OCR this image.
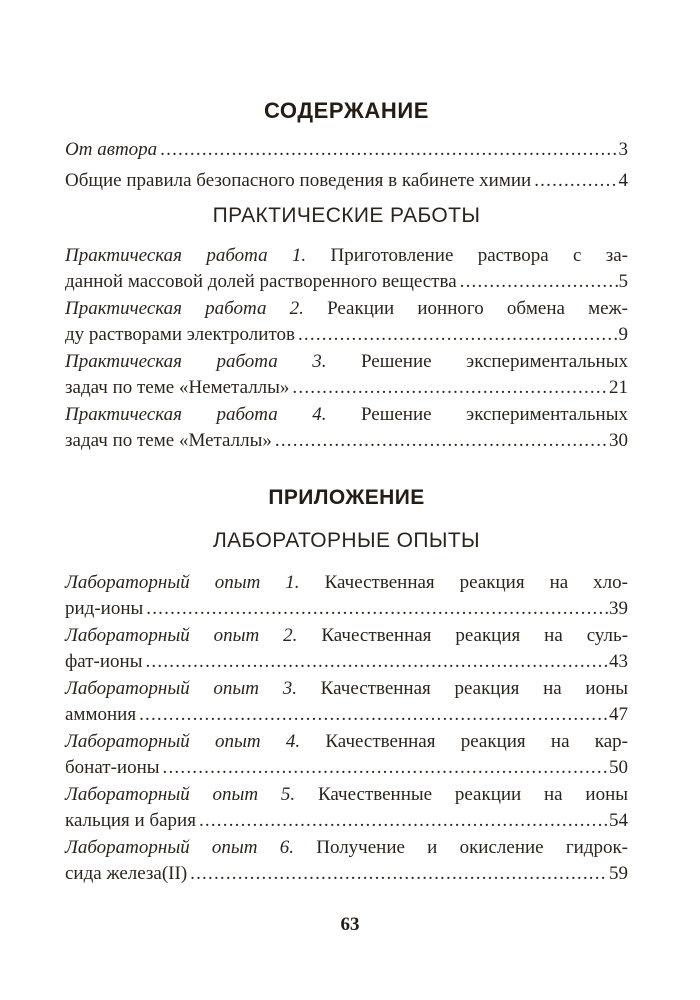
СОДЕРЖАНИЕ
От автора .....	3
Общие правила безопасного поведения в кабинете химии .....	4
ПРАКТИЧЕСКИЕ РАБОТЫ
Практическая работа 1. Приготовление раствора с за-
данной массовой долей растворенного вещества .....	5
Практическая работа 2. Реакции ионного обмена меж-
ду растворами электролитов .....	9
Практическая работа 3. Решение экспериментальных
задач по теме «Неметаллы» .....	21
Практическая работа 4. Решение экспериментальных
задач по теме «Металлы» .....	30
ПРИЛОЖЕНИЕ
ЛАБОРАТОРНЫЕ ОПЫТЫ
Лабораторный опыт 1. Качественная реакция на хло-
рид-ионы .....	39
Лабораторный опыт 2. Качественная реакция на суль-
фат-ионы .....	43
Лабораторный опыт 3. Качественная реакция на ионы
аммония .....	47
Лабораторный опыт 4. Качественная реакция на кар-
бонат-ионы .....	50
Лабораторный опыт 5. Качественные реакции на ионы
кальция и бария .....	54
Лабораторный опыт 6. Получение и окисление гидрок-
сида железа(II) .....	59
63
